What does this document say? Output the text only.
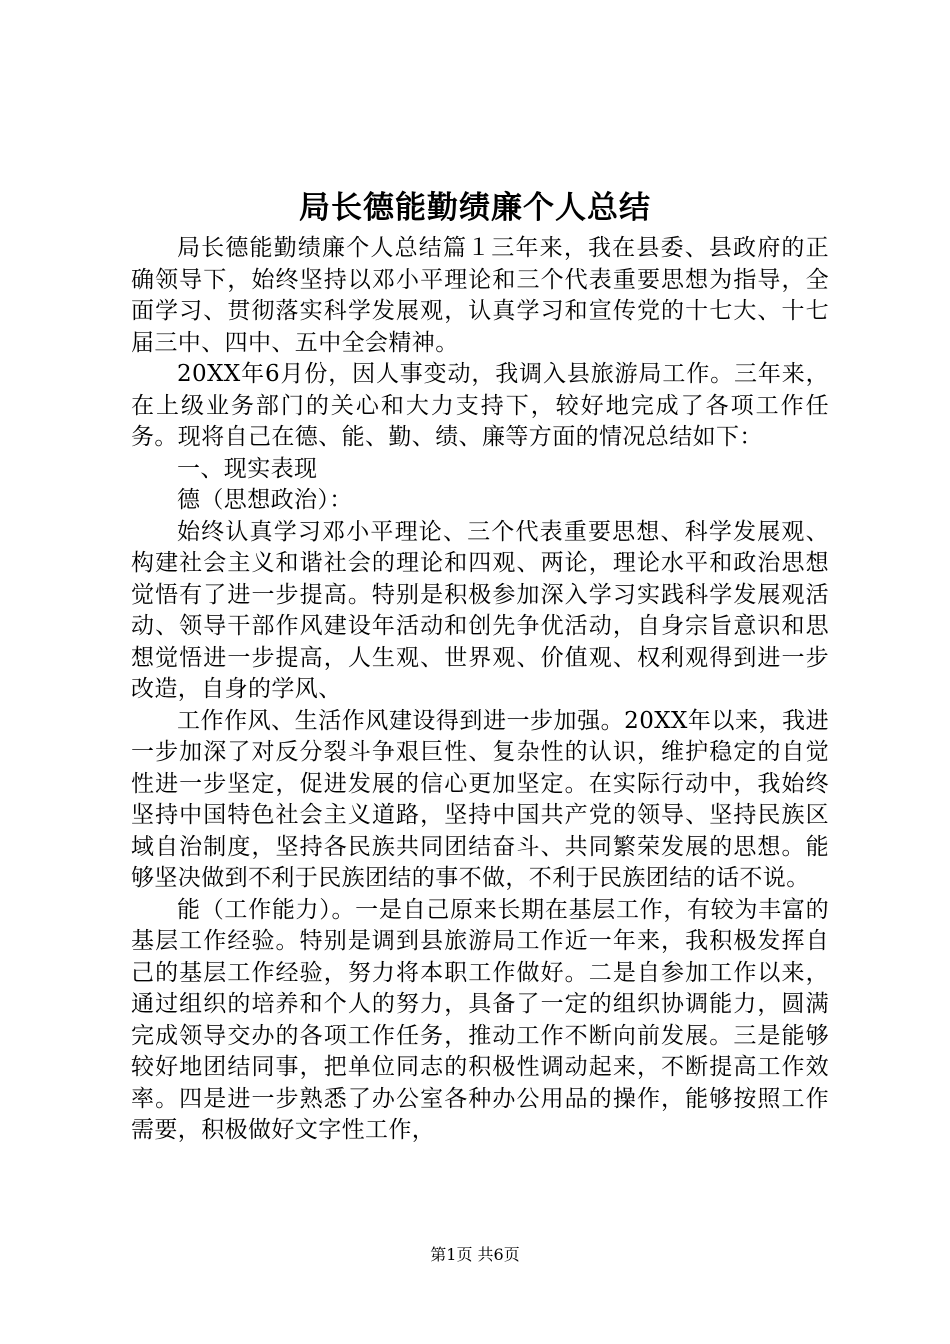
局长德能勤绩廉个人总结

局长德能勤绩廉个人总结篇１三年来，我在县委、县政府的正确领导下，始终坚持以邓小平理论和三个代表重要思想为指导，全面学习、贯彻落实科学发展观，认真学习和宣传党的十七大、十七届三中、四中、五中全会精神。

20XX年6月份，因人事变动，我调入县旅游局工作。三年来，在上级业务部门的关心和大力支持下，较好地完成了各项工作任务。现将自己在德、能、勤、绩、廉等方面的情况总结如下：

一、现实表现

德（思想政治）：

始终认真学习邓小平理论、三个代表重要思想、科学发展观、构建社会主义和谐社会的理论和四观、两论，理论水平和政治思想觉悟有了进一步提高。特别是积极参加深入学习实践科学发展观活动、领导干部作风建设年活动和创先争优活动，自身宗旨意识和思想觉悟进一步提高，人生观、世界观、价值观、权利观得到进一步改造，自身的学风、

工作作风、生活作风建设得到进一步加强。20XX年以来，我进一步加深了对反分裂斗争艰巨性、复杂性的认识，维护稳定的自觉性进一步坚定，促进发展的信心更加坚定。在实际行动中，我始终坚持中国特色社会主义道路，坚持中国共产党的领导、坚持民族区域自治制度，坚持各民族共同团结奋斗、共同繁荣发展的思想。能够坚决做到不利于民族团结的事不做，不利于民族团结的话不说。

能（工作能力）。一是自己原来长期在基层工作，有较为丰富的基层工作经验。特别是调到县旅游局工作近一年来，我积极发挥自己的基层工作经验，努力将本职工作做好。二是自参加工作以来，通过组织的培养和个人的努力，具备了一定的组织协调能力，圆满完成领导交办的各项工作任务，推动工作不断向前发展。三是能够较好地团结同事，把单位同志的积极性调动起来，不断提高工作效率。四是进一步熟悉了办公室各种办公用品的操作，能够按照工作需要，积极做好文字性工作，

第1页 共6页
